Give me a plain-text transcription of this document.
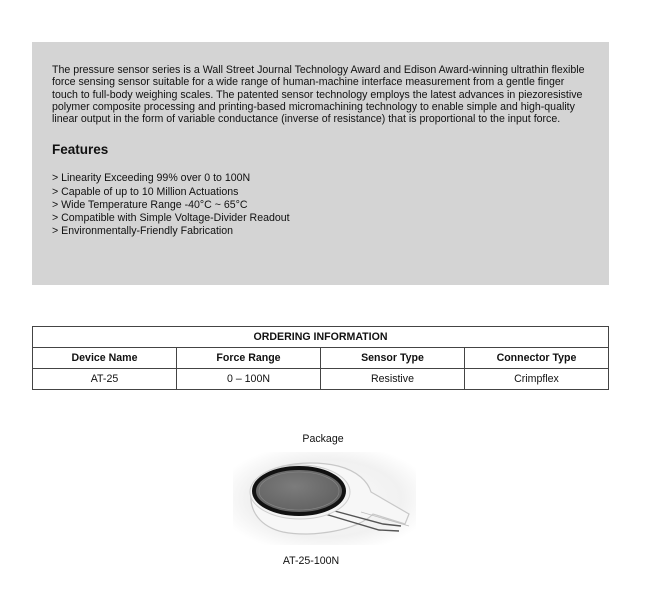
The pressure sensor series is a Wall Street Journal Technology Award and Edison Award-winning ultrathin flexible force sensing sensor suitable for a wide range of human-machine interface measurement from a gentle finger touch to full-body weighing scales. The patented sensor technology employs the latest advances in piezoresistive polymer composite processing and printing-based micromachining technology to enable simple and high-quality linear output in the form of variable conductance (inverse of resistance) that is proportional to the input force.

Features
> Linearity Exceeding 99% over 0 to 100N
> Capable of up to 10 Million Actuations
> Wide Temperature Range -40°C ~ 65°C
> Compatible with Simple Voltage-Divider Readout
> Environmentally-Friendly Fabrication
ORDERING INFORMATION			
Device Name	Force Range	Sensor Type	Connector Type
AT-25	0 – 100N	Resistive	Crimpflex
Package
AT-25-100N
